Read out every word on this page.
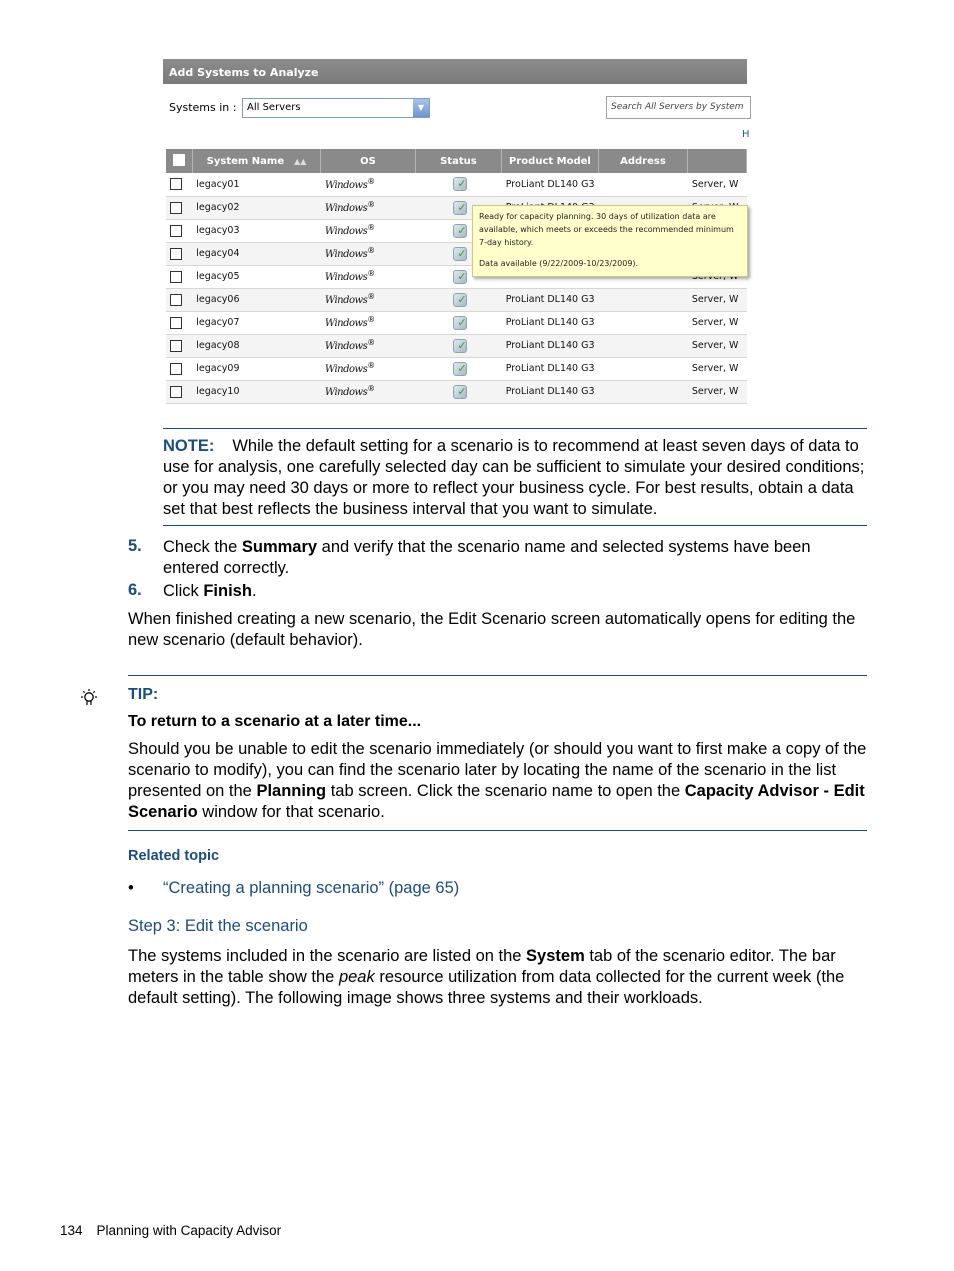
Add Systems to Analyze
Systems in :	All Servers	▼	Search All Servers by System
H
	System Name ▲▲	OS	Status	Product Model	Address	
	legacy01	Windows®	✓	ProLiant DL140 G3		Server, W
	legacy02	Windows®	✓			
	legacy03	Windows®	✓			
	legacy04	Windows®	✓			
	legacy05	Windows®	✓			
	legacy06	Windows®	✓	ProLiant DL140 G3		Server, W
	legacy07	Windows®	✓	ProLiant DL140 G3		Server, W
	legacy08	Windows®	✓	ProLiant DL140 G3		Server, W
	legacy09	Windows®	✓	ProLiant DL140 G3		Server, W
	legacy10	Windows®	✓	ProLiant DL140 G3		Server, W

Ready for capacity planning. 30 days of utilization data are available, which meets or exceeds the recommended minimum 7-day history.

Data available (9/22/2009-10/23/2009).

NOTE: While the default setting for a scenario is to recommend at least seven days of data to use for analysis, one carefully selected day can be sufficient to simulate your desired conditions; or you may need 30 days or more to reflect your business cycle. For best results, obtain a data set that best reflects the business interval that you want to simulate.
5. Check the Summary and verify that the scenario name and selected systems have been entered correctly.
6. Click Finish.
When finished creating a new scenario, the Edit Scenario screen automatically opens for editing the new scenario (default behavior).
TIP:
To return to a scenario at a later time...
Should you be unable to edit the scenario immediately (or should you want to first make a copy of the scenario to modify), you can find the scenario later by locating the name of the scenario in the list presented on the Planning tab screen. Click the scenario name to open the Capacity Advisor - Edit Scenario window for that scenario.
Related topic
• “Creating a planning scenario” (page 65)
Step 3: Edit the scenario
The systems included in the scenario are listed on the System tab of the scenario editor. The bar meters in the table show the peak resource utilization from data collected for the current week (the default setting). The following image shows three systems and their workloads.
134 Planning with Capacity Advisor
